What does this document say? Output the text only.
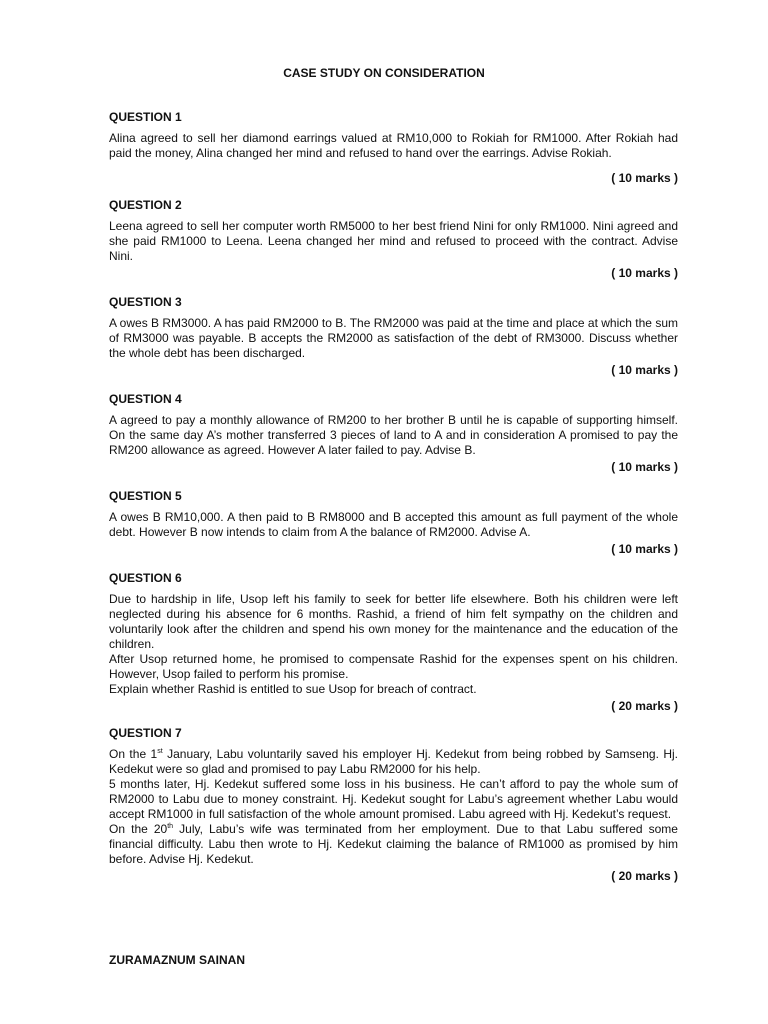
CASE STUDY ON CONSIDERATION
QUESTION 1

Alina agreed to sell her diamond earrings valued at RM10,000 to Rokiah for RM1000. After Rokiah had paid the money, Alina changed her mind and refused to hand over the earrings. Advise Rokiah.

( 10 marks )
QUESTION 2

Leena agreed to sell her computer worth RM5000 to her best friend Nini for only RM1000. Nini agreed and she paid RM1000 to Leena. Leena changed her mind and refused to proceed with the contract. Advise Nini.

( 10 marks )
QUESTION 3

A owes B RM3000. A has paid RM2000 to B. The RM2000 was paid at the time and place at which the sum of RM3000 was payable. B accepts the RM2000 as satisfaction of the debt of RM3000. Discuss whether the whole debt has been discharged.

( 10 marks )
QUESTION 4

A agreed to pay a monthly allowance of RM200 to her brother B until he is capable of supporting himself. On the same day A’s mother transferred 3 pieces of land to A and in consideration A promised to pay the RM200 allowance as agreed. However A later failed to pay. Advise B.

( 10 marks )
QUESTION 5

A owes B RM10,000. A then paid to B RM8000 and B accepted this amount as full payment of the whole debt. However B now intends to claim from A the balance of RM2000. Advise A.

( 10 marks )
QUESTION 6

Due to hardship in life, Usop left his family to seek for better life elsewhere. Both his children were left neglected during his absence for 6 months. Rashid, a friend of him felt sympathy on the children and voluntarily look after the children and spend his own money for the maintenance and the education of the children.

After Usop returned home, he promised to compensate Rashid for the expenses spent on his children. However, Usop failed to perform his promise.

Explain whether Rashid is entitled to sue Usop for breach of contract.

( 20 marks )
QUESTION 7

On the 1st January, Labu voluntarily saved his employer Hj. Kedekut from being robbed by Samseng. Hj. Kedekut were so glad and promised to pay Labu RM2000 for his help.

5 months later, Hj. Kedekut suffered some loss in his business. He can’t afford to pay the whole sum of RM2000 to Labu due to money constraint. Hj. Kedekut sought for Labu’s agreement whether Labu would accept RM1000 in full satisfaction of the whole amount promised. Labu agreed with Hj. Kedekut’s request.

On the 20th July, Labu’s wife was terminated from her employment. Due to that Labu suffered some financial difficulty. Labu then wrote to Hj. Kedekut claiming the balance of RM1000 as promised by him before. Advise Hj. Kedekut.

( 20 marks )
ZURAMAZNUM SAINAN
